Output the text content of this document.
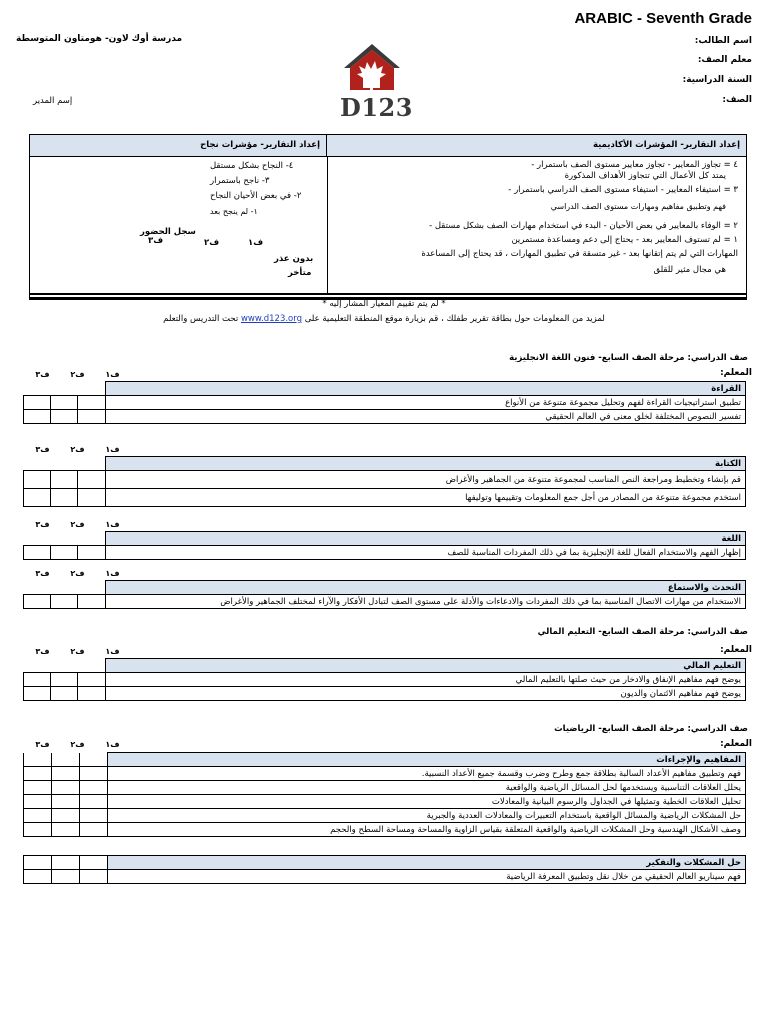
ARABIC - Seventh Grade
اسم الطالب:
معلم الصف:
السنة الدراسية:
الصف:
مدرسة أوك لاون- هومتاون المتوسطة
إسم المدير	D123
إعداد التقارير- مؤشرات نجاح	إعداد التقارير- المؤشرات الأكاديمية
٤ = تجاوز المعايير - تجاوز معايير مستوى الصف باستمرار -
يمتد كل الأعمال التي تتجاوز الأهداف المذكورة
٣ = استيفاء المعايير - استيفاء مستوى الصف الدراسي باستمرار -
فهم وتطبيق مفاهيم ومهارات مستوى الصف الدراسي
٢ = الوفاء بالمعايير في بعض الأحيان - البدء في استخدام مهارات الصف بشكل مستقل -
١ = لم تستوف المعايير بعد - يحتاج إلى دعم ومساعدة مستمرين
المهارات التي لم يتم إتقانها بعد - غير متسقة في تطبيق المهارات ، قد يحتاج إلى المساعدة
هي مجال مثير للقلق
٤- النجاح بشكل مستقل
٣- ناجح باستمرار
٢- في بعض الأحيان النجاح
١- لم ينجح بعد
سجل الحضور
ف٣	ف٢	ف١
بدون عذر
متأخر
* لم يتم تقييم المعيار المشار إليه *
لمزيد من المعلومات حول بطاقة تقرير طفلك ، قم بزيارة موقع المنطقة التعليمية على www.d123.org تحت التدريس والتعلم
صف الدراسي: مرحلة الصف السابع- فنون اللغة الانجليزية
ف١
ف٢
ف٣	المعلم:
			القراءة
			تطبيق استراتيجيات القراءة لفهم وتحليل مجموعة متنوعة من الأنواع
			تفسير النصوص المختلفة لخلق معنى في العالم الحقيقي
ف١
ف٢
ف٣
			الكتابة
			قم بإنشاء وتخطيط ومراجعة النص المناسب لمجموعة متنوعة من الجماهير والأغراض
			استخدم مجموعة متنوعة من المصادر من أجل جمع المعلومات وتقييمها وتوليفها
ف١
ف٢
ف٣
			اللغة
			إظهار الفهم والاستخدام الفعال للغة الإنجليزية بما في ذلك المفردات المناسبة للصف
ف١
ف٢
ف٣
			التحدث والاستماع
			الاستخدام من مهارات الاتصال المناسبة بما في ذلك المفردات والادعاءات والأدلة على مستوى الصف لتبادل الأفكار والآراء لمختلف الجماهير والأغراض
صف الدراسي: مرحلة الصف السابع- التعليم المالي
ف١
ف٢
ف٣	المعلم:
			التعليم المالي
			يوضح فهم مفاهيم الإنفاق والادخار من حيث صلتها بالتعليم المالي
			يوضح فهم مفاهيم الائتمان والديون
صف الدراسي: مرحلة الصف السابع- الرياضيات
ف١
ف٢
ف٣	المعلم:
			المفاهيم والإجراءات
			فهم وتطبيق مفاهيم الأعداد السالبة بطلاقة جمع وطرح وضرب وقسمة جميع الأعداد النسبية.
			يحلل العلاقات التناسبية ويستخدمها لحل المسائل الرياضية والواقعية
			تحليل العلاقات الخطية وتمثيلها في الجداول والرسوم البيانية والمعادلات
			حل المشكلات الرياضية والمسائل الواقعية باستخدام التعبيرات والمعادلات العددية والجبرية
			وصف الأشكال الهندسية وحل المشكلات الرياضية والواقعية المتعلقة بقياس الزاوية والمساحة ومساحة السطح والحجم
			حل المشكلات والتفكير
			فهم سيناريو العالم الحقيقي من خلال نقل وتطبيق المعرفة الرياضية
